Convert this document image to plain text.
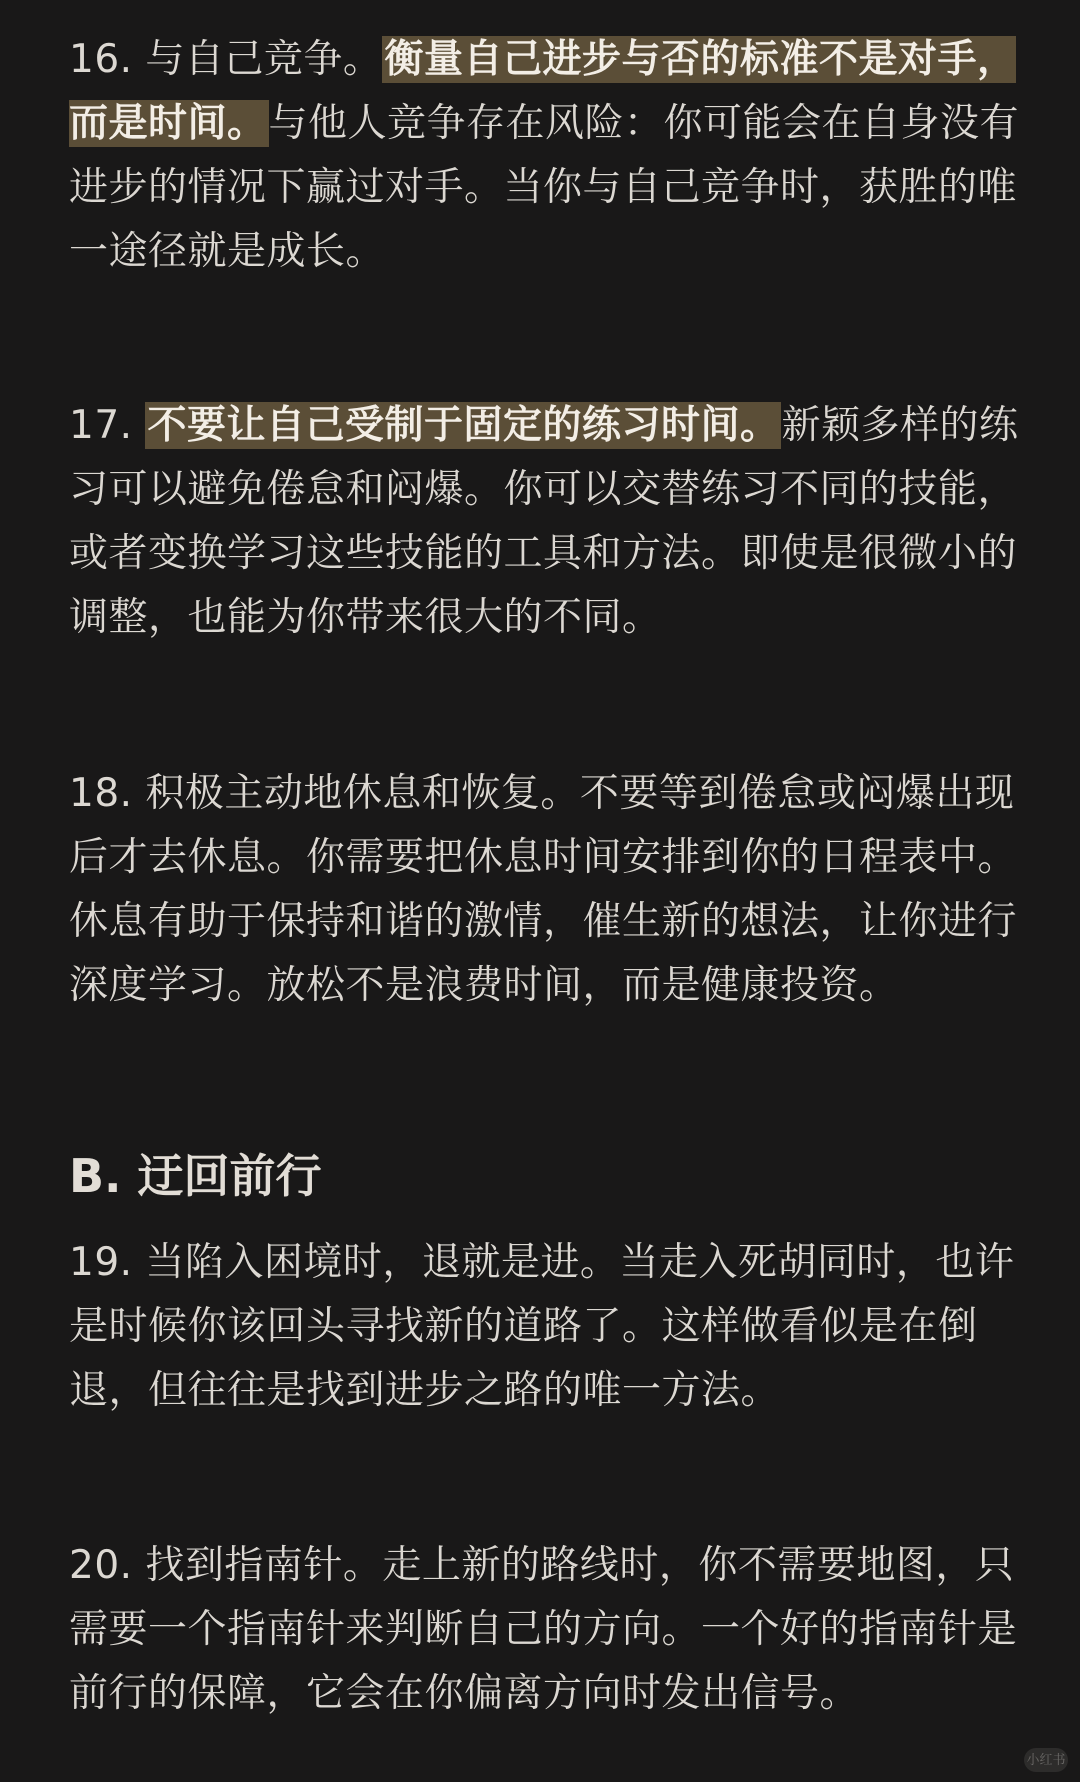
16. 与自己竞争。衡量自己进步与否的标准不是对手，而是时间。与他人竞争存在风险：你可能会在自身没有进步的情况下赢过对手。当你与自己竞争时，获胜的唯一途径就是成长。

17. 不要让自己受制于固定的练习时间。新颖多样的练习可以避免倦怠和闷爆。你可以交替练习不同的技能，或者变换学习这些技能的工具和方法。即使是很微小的调整，也能为你带来很大的不同。

18. 积极主动地休息和恢复。不要等到倦怠或闷爆出现后才去休息。你需要把休息时间安排到你的日程表中。休息有助于保持和谐的激情，催生新的想法，让你进行深度学习。放松不是浪费时间，而是健康投资。

B. 迂回前行

19. 当陷入困境时，退就是进。当走入死胡同时，也许是时候你该回头寻找新的道路了。这样做看似是在倒退，但往往是找到进步之路的唯一方法。

20. 找到指南针。走上新的路线时，你不需要地图，只需要一个指南针来判断自己的方向。一个好的指南针是前行的保障，它会在你偏离方向时发出信号。

小红书
